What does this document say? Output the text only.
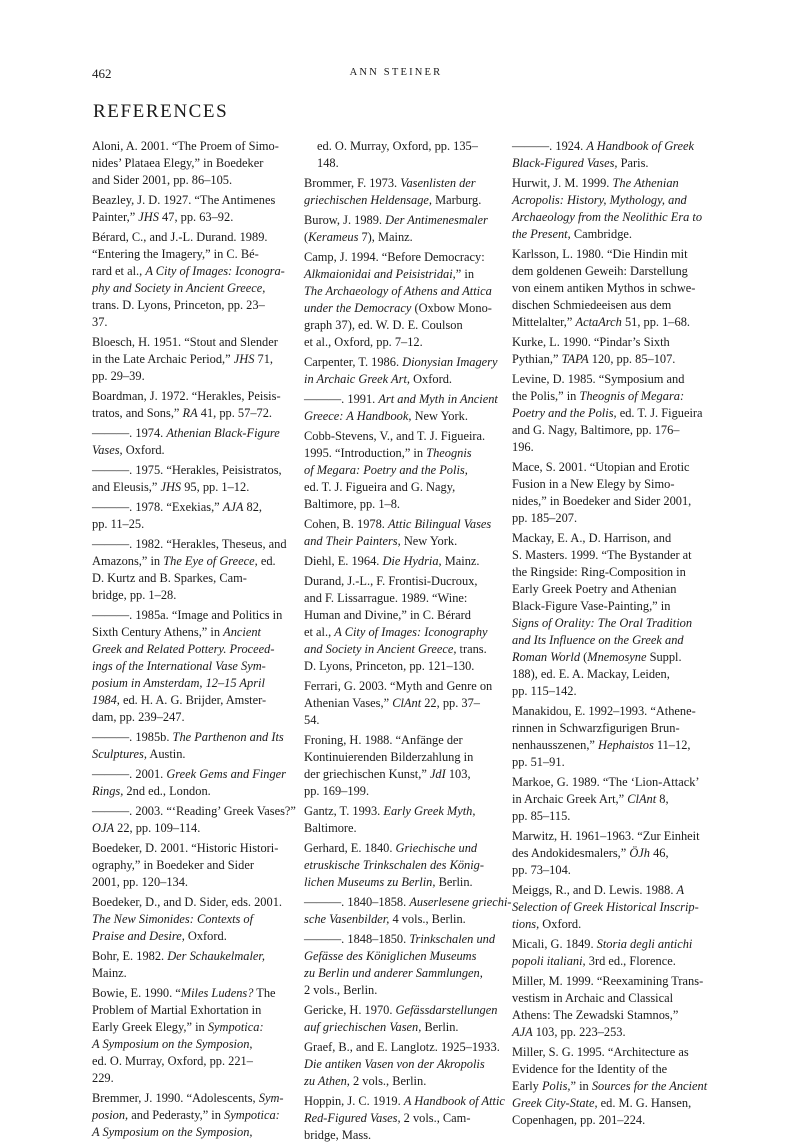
462	ANN STEINER
REFERENCES
Aloni, A. 2001. “The Proem of Simo-
nides’ Plataea Elegy,” in Boedeker
and Sider 2001, pp. 86–105.
Beazley, J. D. 1927. “The Antimenes
Painter,” JHS 47, pp. 63–92.
Bérard, C., and J.-L. Durand. 1989.
“Entering the Imagery,” in C. Bé-
rard et al., A City of Images: Iconogra-
phy and Society in Ancient Greece,
trans. D. Lyons, Princeton, pp. 23–
37.
Bloesch, H. 1951. “Stout and Slender
in the Late Archaic Period,” JHS 71,
pp. 29–39.
Boardman, J. 1972. “Herakles, Peisis-
tratos, and Sons,” RA 41, pp. 57–72.
———. 1974. Athenian Black-Figure
Vases, Oxford.
———. 1975. “Herakles, Peisistratos,
and Eleusis,” JHS 95, pp. 1–12.
———. 1978. “Exekias,” AJA 82,
pp. 11–25.
———. 1982. “Herakles, Theseus, and
Amazons,” in The Eye of Greece, ed.
D. Kurtz and B. Sparkes, Cam-
bridge, pp. 1–28.
———. 1985a. “Image and Politics in
Sixth Century Athens,” in Ancient
Greek and Related Pottery. Proceed-
ings of the International Vase Sym-
posium in Amsterdam, 12–15 April
1984, ed. H. A. G. Brijder, Amster-
dam, pp. 239–247.
———. 1985b. The Parthenon and Its
Sculptures, Austin.
———. 2001. Greek Gems and Finger
Rings, 2nd ed., London.
———. 2003. “‘Reading’ Greek Vases?”
OJA 22, pp. 109–114.
Boedeker, D. 2001. “Historic Histori-
ography,” in Boedeker and Sider
2001, pp. 120–134.
Boedeker, D., and D. Sider, eds. 2001.
The New Simonides: Contexts of
Praise and Desire, Oxford.
Bohr, E. 1982. Der Schaukelmaler,
Mainz.
Bowie, E. 1990. “Miles Ludens? The
Problem of Martial Exhortation in
Early Greek Elegy,” in Sympotica:
A Symposium on the Symposion,
ed. O. Murray, Oxford, pp. 221–
229.
Bremmer, J. 1990. “Adolescents, Sym-
posion, and Pederasty,” in Sympotica:
A Symposium on the Symposion,
ed. O. Murray, Oxford, pp. 135–
148.
Brommer, F. 1973. Vasenlisten der
griechischen Heldensage, Marburg.
Burow, J. 1989. Der Antimenesmaler
(Kerameus 7), Mainz.
Camp, J. 1994. “Before Democracy:
Alkmaionidai and Peisistridai,” in
The Archaeology of Athens and Attica
under the Democracy (Oxbow Mono-
graph 37), ed. W. D. E. Coulson
et al., Oxford, pp. 7–12.
Carpenter, T. 1986. Dionysian Imagery
in Archaic Greek Art, Oxford.
———. 1991. Art and Myth in Ancient
Greece: A Handbook, New York.
Cobb-Stevens, V., and T. J. Figueira.
1995. “Introduction,” in Theognis
of Megara: Poetry and the Polis,
ed. T. J. Figueira and G. Nagy,
Baltimore, pp. 1–8.
Cohen, B. 1978. Attic Bilingual Vases
and Their Painters, New York.
Diehl, E. 1964. Die Hydria, Mainz.
Durand, J.-L., F. Frontisi-Ducroux,
and F. Lissarrague. 1989. “Wine:
Human and Divine,” in C. Bérard
et al., A City of Images: Iconography
and Society in Ancient Greece, trans.
D. Lyons, Princeton, pp. 121–130.
Ferrari, G. 2003. “Myth and Genre on
Athenian Vases,” ClAnt 22, pp. 37–
54.
Froning, H. 1988. “Anfänge der
Kontinuierenden Bilderzahlung in
der griechischen Kunst,” JdI 103,
pp. 169–199.
Gantz, T. 1993. Early Greek Myth,
Baltimore.
Gerhard, E. 1840. Griechische und
etruskische Trinkschalen des König-
lichen Museums zu Berlin, Berlin.
———. 1840–1858. Auserlesene griechi-
sche Vasenbilder, 4 vols., Berlin.
———. 1848–1850. Trinkschalen und
Gefässe des Königlichen Museums
zu Berlin und anderer Sammlungen,
2 vols., Berlin.
Gericke, H. 1970. Gefässdarstellungen
auf griechischen Vasen, Berlin.
Graef, B., and E. Langlotz. 1925–1933.
Die antiken Vasen von der Akropolis
zu Athen, 2 vols., Berlin.
Hoppin, J. C. 1919. A Handbook of Attic
Red-Figured Vases, 2 vols., Cam-
bridge, Mass.
———. 1924. A Handbook of Greek
Black-Figured Vases, Paris.
Hurwit, J. M. 1999. The Athenian
Acropolis: History, Mythology, and
Archaeology from the Neolithic Era to
the Present, Cambridge.
Karlsson, L. 1980. “Die Hindin mit
dem goldenen Geweih: Darstellung
von einem antiken Mythos in schwe-
dischen Schmiedeeisen aus dem
Mittelalter,” ActaArch 51, pp. 1–68.
Kurke, L. 1990. “Pindar’s Sixth
Pythian,” TAPA 120, pp. 85–107.
Levine, D. 1985. “Symposium and
the Polis,” in Theognis of Megara:
Poetry and the Polis, ed. T. J. Figueira
and G. Nagy, Baltimore, pp. 176–
196.
Mace, S. 2001. “Utopian and Erotic
Fusion in a New Elegy by Simo-
nides,” in Boedeker and Sider 2001,
pp. 185–207.
Mackay, E. A., D. Harrison, and
S. Masters. 1999. “The Bystander at
the Ringside: Ring-Composition in
Early Greek Poetry and Athenian
Black-Figure Vase-Painting,” in
Signs of Orality: The Oral Tradition
and Its Influence on the Greek and
Roman World (Mnemosyne Suppl.
188), ed. E. A. Mackay, Leiden,
pp. 115–142.
Manakidou, E. 1992–1993. “Athene-
rinnen in Schwarzfigurigen Brun-
nenhausszenen,” Hephaistos 11–12,
pp. 51–91.
Markoe, G. 1989. “The ‘Lion-Attack’
in Archaic Greek Art,” ClAnt 8,
pp. 85–115.
Marwitz, H. 1961–1963. “Zur Einheit
des Andokidesmalers,” ÖJh 46,
pp. 73–104.
Meiggs, R., and D. Lewis. 1988. A
Selection of Greek Historical Inscrip-
tions, Oxford.
Micali, G. 1849. Storia degli antichi
popoli italiani, 3rd ed., Florence.
Miller, M. 1999. “Reexamining Trans-
vestism in Archaic and Classical
Athens: The Zewadski Stamnos,”
AJA 103, pp. 223–253.
Miller, S. G. 1995. “Architecture as
Evidence for the Identity of the
Early Polis,” in Sources for the Ancient
Greek City-State, ed. M. G. Hansen,
Copenhagen, pp. 201–224.
